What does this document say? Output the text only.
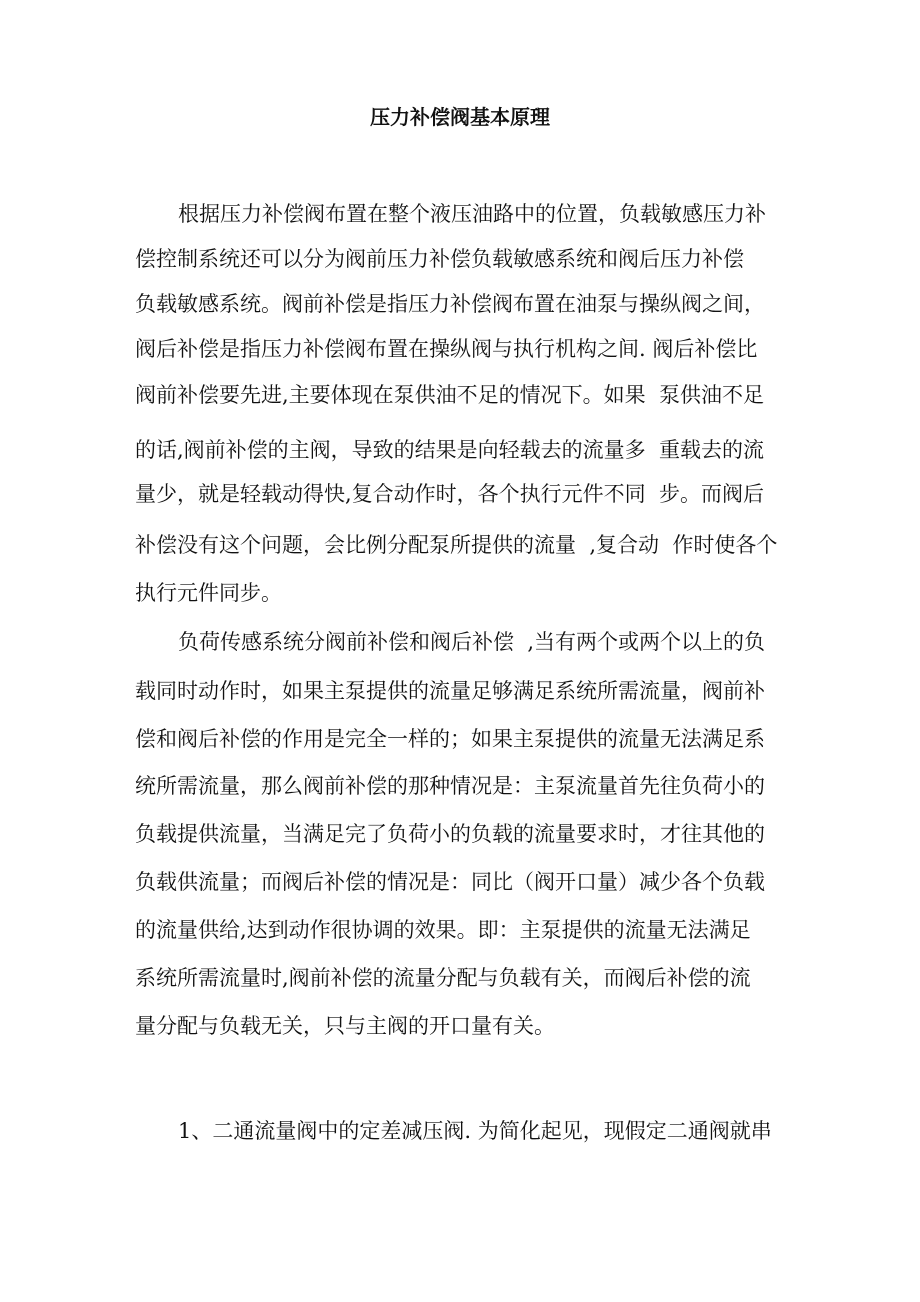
压力补偿阀基本原理
根据压力补偿阀布置在整个液压油路中的位置，负载敏感压力补
偿控制系统还可以分为阀前压力补偿负载敏感系统和阀后压力补偿
负载敏感系统。阀前补偿是指压力补偿阀布置在油泵与操纵阀之间，
阀后补偿是指压力补偿阀布置在操纵阀与执行机构之间. 阀后补偿比
阀前补偿要先进,主要体现在泵供油不足的情况下。如果  泵供油不足
的话,阀前补偿的主阀，导致的结果是向轻载去的流量多  重载去的流
量少，就是轻载动得快,复合动作时，各个执行元件不同  步。而阀后
补偿没有这个问题，会比例分配泵所提供的流量  ,复合动  作时使各个
执行元件同步。
负荷传感系统分阀前补偿和阀后补偿  ,当有两个或两个以上的负
载同时动作时，如果主泵提供的流量足够满足系统所需流量，阀前补
偿和阀后补偿的作用是完全一样的；如果主泵提供的流量无法满足系
统所需流量，那么阀前补偿的那种情况是：主泵流量首先往负荷小的
负载提供流量，当满足完了负荷小的负载的流量要求时，才往其他的
负载供流量；而阀后补偿的情况是：同比（阀开口量）减少各个负载
的流量供给,达到动作很协调的效果。即：主泵提供的流量无法满足
系统所需流量时,阀前补偿的流量分配与负载有关，而阀后补偿的流
量分配与负载无关，只与主阀的开口量有关。
1、二通流量阀中的定差减压阀. 为简化起见，现假定二通阀就串
